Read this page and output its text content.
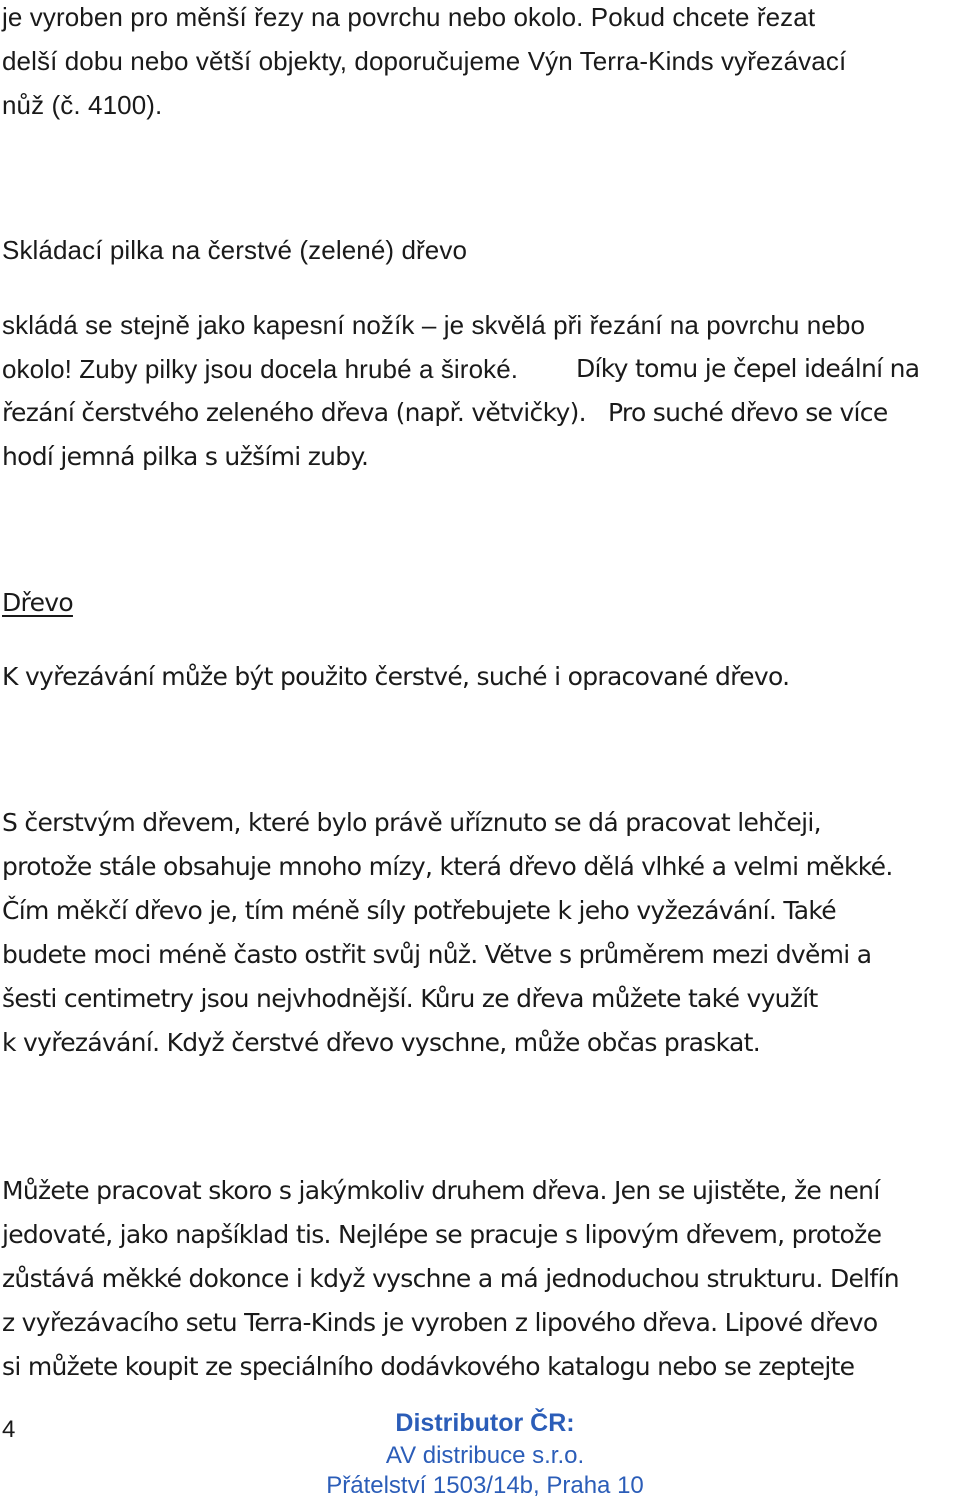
je vyroben pro měnší řezy na povrchu nebo okolo. Pokud chcete řezat
delší dobu nebo větší objekty, doporučujeme Výn Terra-Kinds vyřezávací
nůž (č. 4100).
Skládací pilka na čerstvé (zelené) dřevo
skládá se stejně jako kapesní nožík – je skvělá při řezání na povrchu nebo
okolo! Zuby pilky jsou docela hrubé a široké. Díky tomu je čepel ideální na
řezání čerstvého zeleného dřeva (např. větvičky). Pro suché dřevo se více
hodí jemná pilka s užšími zuby.
Dřevo
K vyřezávání může být použito čerstvé, suché i opracované dřevo.
S čerstvým dřevem, které bylo právě uříznuto se dá pracovat lehčeji,
protože stále obsahuje mnoho mízy, která dřevo dělá vlhké a velmi měkké.
Čím měkčí dřevo je, tím méně síly potřebujete k jeho vyžezávání. Také
budete moci méně často ostřit svůj nůž. Větve s průměrem mezi dvěmi a
šesti centimetry jsou nejvhodnější. Kůru ze dřeva můžete také využít
k vyřezávání. Když čerstvé dřevo vyschne, může občas praskat.
Můžete pracovat skoro s jakýmkoliv druhem dřeva. Jen se ujistěte, že není
jedovaté, jako napšíklad tis. Nejlépe se pracuje s lipovým dřevem, protože
zůstává měkké dokonce i když vyschne a má jednoduchou strukturu. Delfín
z vyřezávacího setu Terra-Kinds je vyroben z lipového dřeva. Lipové dřevo
si můžete koupit ze speciálního dodávkového katalogu nebo se zeptejte
4	Distributor ČR:
AV distribuce s.r.o.
Přátelství 1503/14b, Praha 10
